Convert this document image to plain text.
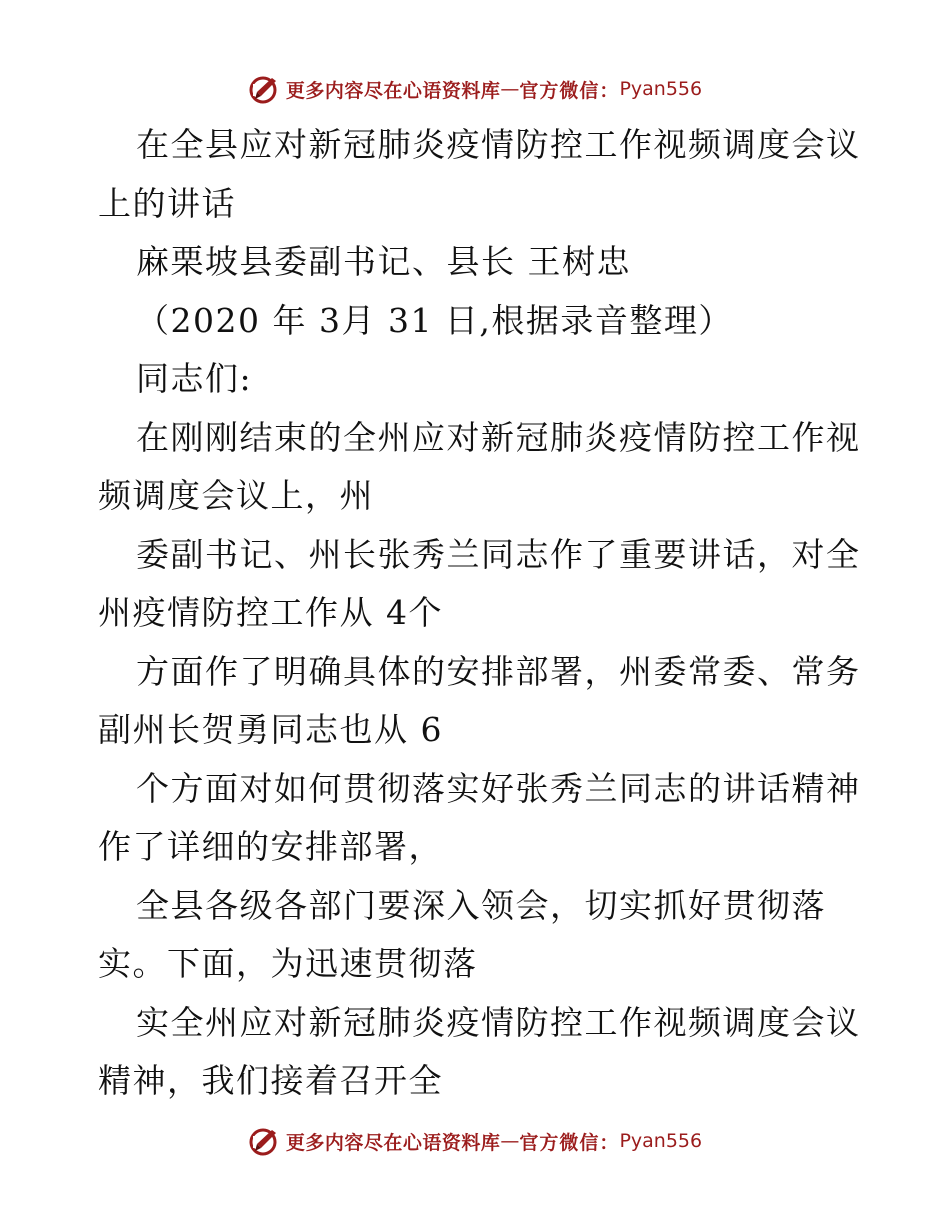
更多内容尽在心语资料库 — 官方微信： Pyan556
在全县应对新冠肺炎疫情防控工作视频调度会议
上的讲话
麻栗坡县委副书记、县长 王树忠
（2020 年 3月 31 日,根据录音整理）
同志们:
在刚刚结束的全州应对新冠肺炎疫情防控工作视
频调度会议上，州
委副书记、州长张秀兰同志作了重要讲话，对全
州疫情防控工作从 4个
方面作了明确具体的安排部署，州委常委、常务
副州长贺勇同志也从 6
个方面对如何贯彻落实好张秀兰同志的讲话精神
作了详细的安排部署，
全县各级各部门要深入领会，切实抓好贯彻落
实。下面，为迅速贯彻落
实全州应对新冠肺炎疫情防控工作视频调度会议
精神，我们接着召开全
更多内容尽在心语资料库 — 官方微信： Pyan556
